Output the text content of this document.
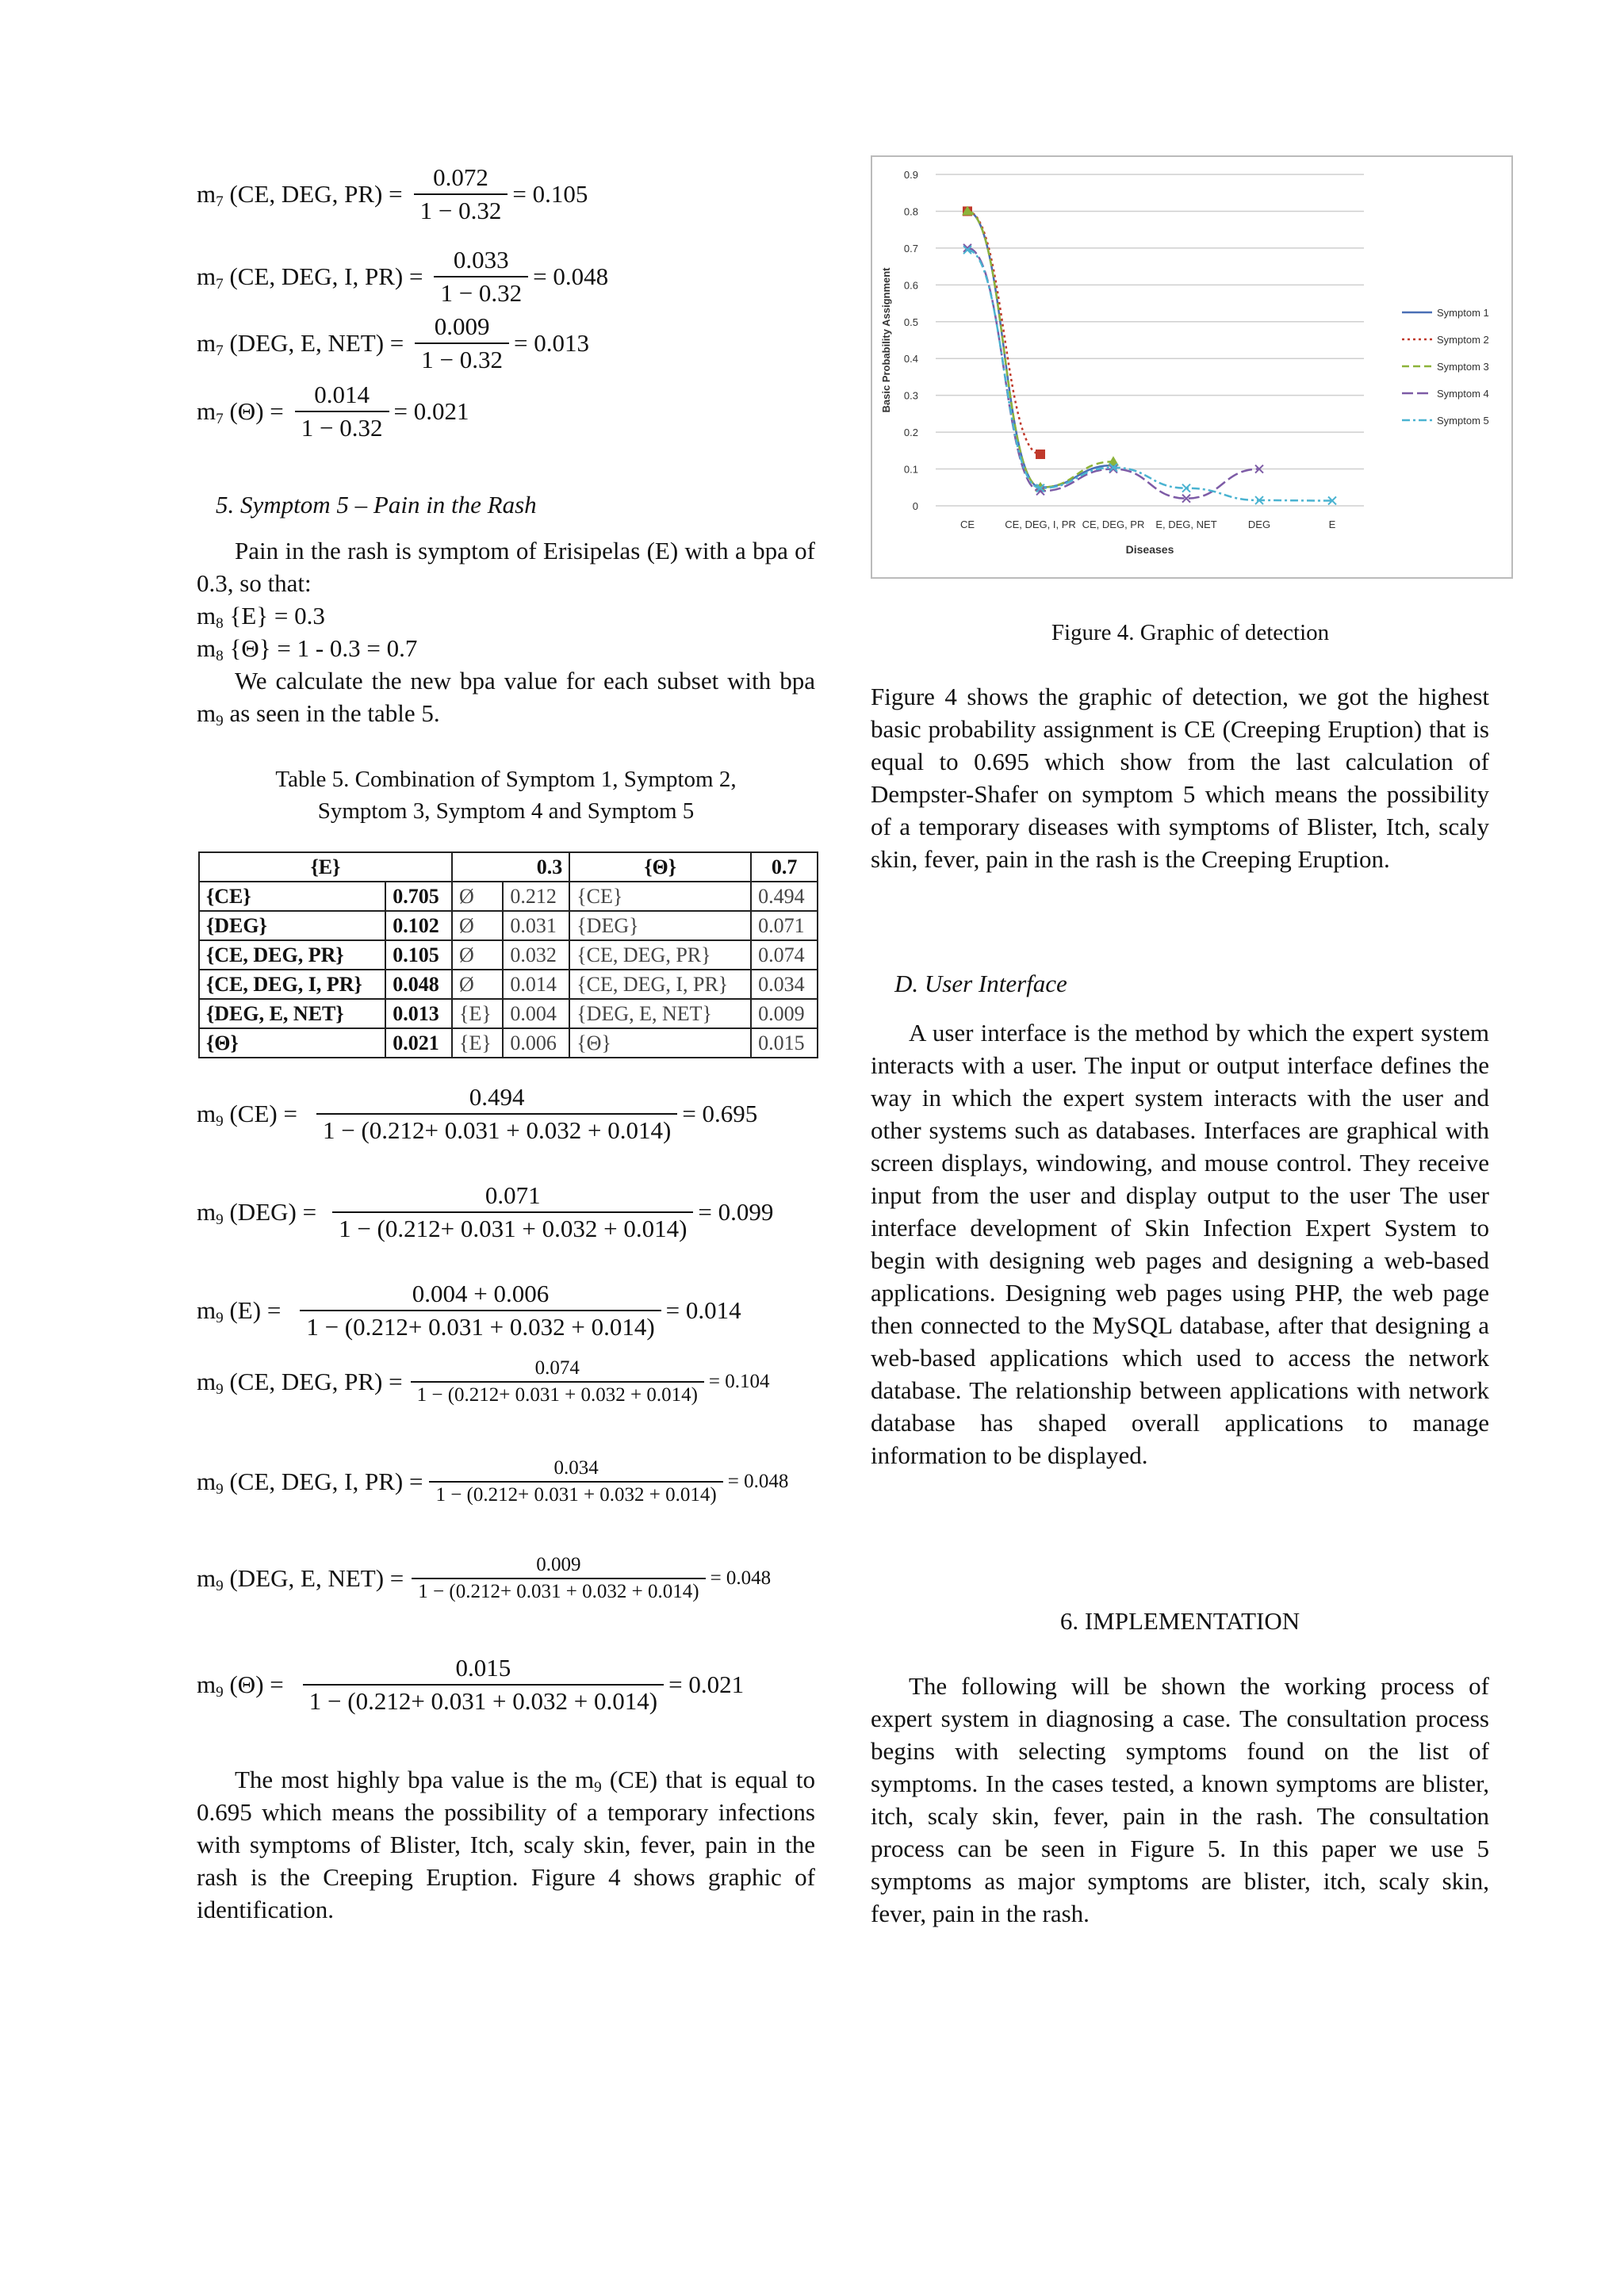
$m_7$ (CE, DEG, $PR) = \frac{0.072}{1 - 0.32} = 0.105$
$m_7$ (CE, DEG, I, $PR) = \frac{0.033}{1 - 0.32} = 0.048$
$m_7$ (DEG, E, $NET) = \frac{0.009}{1 - 0.32} = 0.013$
$m_7$ $(\Theta) = \frac{0.014}{1 - 0.32} = 0.021$
5. Symptom 5 – Pain in the Rash
Pain in the rash is symptom of Erisipelas (E) with a bpa of 0.3, so that:
$m_8$ {E} = 0.3
$m_8$ {Θ} = 1 - 0.3 = 0.7
We calculate the new bpa value for each subset with bpa $m_9$ as seen in the table 5.
Table 5. Combination of Symptom 1, Symptom 2,
Symptom 3, Symptom 4 and Symptom 5
{E}		0.3		{Θ}	0.7
{CE}	0.705	Ø	0.212	{CE}	0.494
{DEG}	0.102	Ø	0.031	{DEG}	0.071
{CE, DEG, PR}	0.105	Ø	0.032	{CE, DEG, PR}	0.074
{CE, DEG, I, PR}	0.048	Ø	0.014	{CE, DEG, I, PR}	0.034
{DEG, E, NET}	0.013	{E}	0.004	{DEG, E, NET}	0.009
{Θ}	0.021	{E}	0.006	{Θ}	0.015
$m_9$ $(CE) = \frac{0.494}{1 - (0.212+ 0.031 + 0.032 + 0.014)} = 0.695$
$m_9$ $(DEG) = \frac{0.071}{1 - (0.212+ 0.031 + 0.032 + 0.014)} = 0.099$
$m_9$ $(E) = \frac{0.004 + 0.006}{1 - (0.212+ 0.031 + 0.032 + 0.014)} = 0.014$
$m_9$ (CE, DEG, $PR) = \frac{0.074}{1 - (0.212+ 0.031 + 0.032 + 0.014)} = 0.104$
$m_9$ (CE, DEG, I, $PR) = \frac{0.034}{1 - (0.212+ 0.031 + 0.032 + 0.014)} = 0.048$
$m_9$ (DEG, E, $NET) = \frac{0.009}{1 - (0.212+ 0.031 + 0.032 + 0.014)} = 0.048$
$m_9$ $(\Theta) = \frac{0.015}{1 - (0.212+ 0.031 + 0.032 + 0.014)} = 0.021$
The most highly bpa value is the $m_9$ (CE) that is equal to 0.695 which means the possibility of a temporary infections with symptoms of Blister, Itch, scaly skin, fever, pain in the rash is the Creeping Eruption. Figure 4 shows graphic of identification.
0
0.1
0.2
0.3
0.4
0.5
0.6
0.7
0.8
0.9
CE	CE, DEG, I, PR CE, DEG, PR E, DEG, NET	DEG	E
Diseases
Basic Probability Assignment	Symptom 1
Symptom 2
Symptom 3
Symptom 4
Symptom 5
Figure 4. Graphic of detection
Figure 4 shows the graphic of detection, we got the highest basic probability assignment is CE (Creeping Eruption) that is equal to 0.695 which show from the last calculation of Dempster-Shafer on symptom 5 which means the possibility of a temporary diseases with symptoms of Blister, Itch, scaly skin, fever, pain in the rash is the Creeping Eruption.
D. User Interface
A user interface is the method by which the expert system interacts with a user. The input or output interface defines the way in which the expert system interacts with the user and other systems such as databases. Interfaces are graphical with screen displays, windowing, and mouse control. They receive input from the user and display output to the user The user interface development of Skin Infection Expert System to begin with designing web pages and designing a web-based applications. Designing web pages using PHP, the web page then connected to the MySQL database, after that designing a web-based applications which used to access the network database. The relationship between applications with network database has shaped overall applications to manage information to be displayed.
6. IMPLEMENTATION
The following will be shown the working process of expert system in diagnosing a case. The consultation process begins with selecting symptoms found on the list of symptoms. In the cases tested, a known symptoms are blister, itch, scaly skin, fever, pain in the rash. The consultation process can be seen in Figure 5. In this paper we use 5 symptoms as major symptoms are blister, itch, scaly skin, fever, pain in the rash.
